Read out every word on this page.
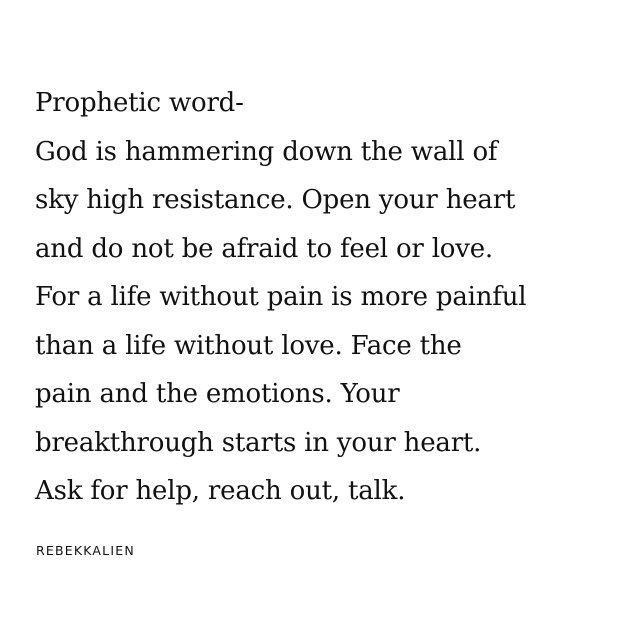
Prophetic word-
God is hammering down the wall of
sky high resistance. Open your heart
and do not be afraid to feel or love.
For a life without pain is more painful
than a life without love. Face the
pain and the emotions. Your
breakthrough starts in your heart.
Ask for help, reach out, talk.

REBEKKALIEN
